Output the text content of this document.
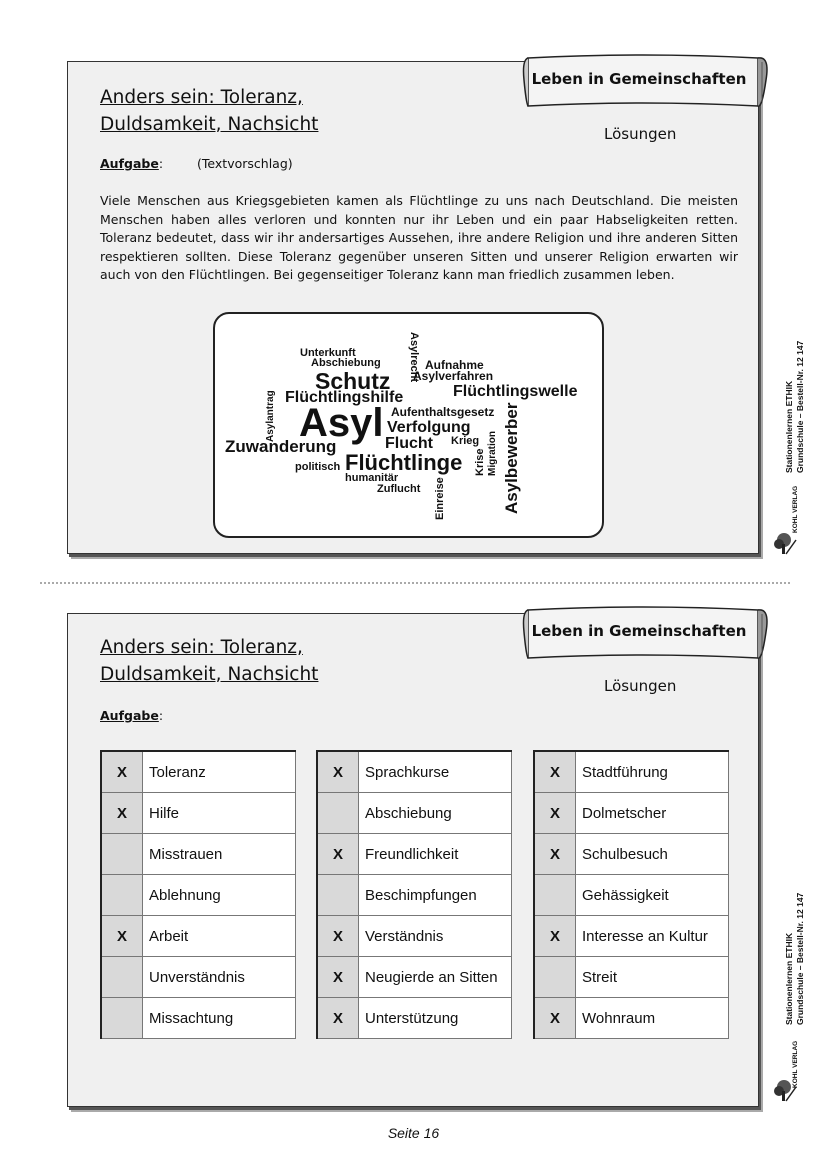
Anders sein: Toleranz,
Duldsamkeit, Nachsicht
Leben in Gemeinschaften
Lösungen
Aufgabe:	(Textvorschlag)
Viele Menschen aus Kriegsgebieten kamen als Flüchtlinge zu uns nach Deutschland. Die meisten Menschen haben alles verloren und konnten nur ihr Leben und ein paar Habseligkeiten retten. Toleranz bedeutet, dass wir ihr andersartiges Aussehen, ihre andere Religion und ihre anderen Sitten respektieren sollten. Diese Toleranz gegenüber unseren Sitten und unserer Religion erwarten wir auch von den Flüchtlingen. Bei gegenseitiger Toleranz kann man friedlich zusammen leben.
Unterkunft
Abschiebung Asylrecht Aufnahme
Asylverfahren
Schutz	Flüchtlingswelle
Asylantrag Flüchtlingshilfe
Aufenthaltsgesetz
Asyl Verfolgung Asylbewerber
Flucht Krieg
Zuwanderung	Migration
Flüchtlinge
politisch	Krise
humanitär
Zuflucht Einreise
Anders sein: Toleranz,
Duldsamkeit, Nachsicht
Leben in Gemeinschaften
Lösungen
Aufgabe:
X	Toleranz
X	Hilfe
	Misstrauen
	Ablehnung
X	Arbeit
	Unverständnis
	Missachtung
X	Sprachkurse
	Abschiebung
X	Freundlichkeit
	Beschimpfungen
X	Verständnis
X	Neugierde an Sitten
X	Unterstützung
X	Stadtführung
X	Dolmetscher
X	Schulbesuch
	Gehässigkeit
X	Interesse an Kultur
	Streit
X	Wohnraum
Stationenlernen ETHIK
Grundschule – Bestell-Nr. 12 147
KOHL VERLAG
Stationenlernen ETHIK
Grundschule – Bestell-Nr. 12 147
KOHL VERLAG
Seite 16
